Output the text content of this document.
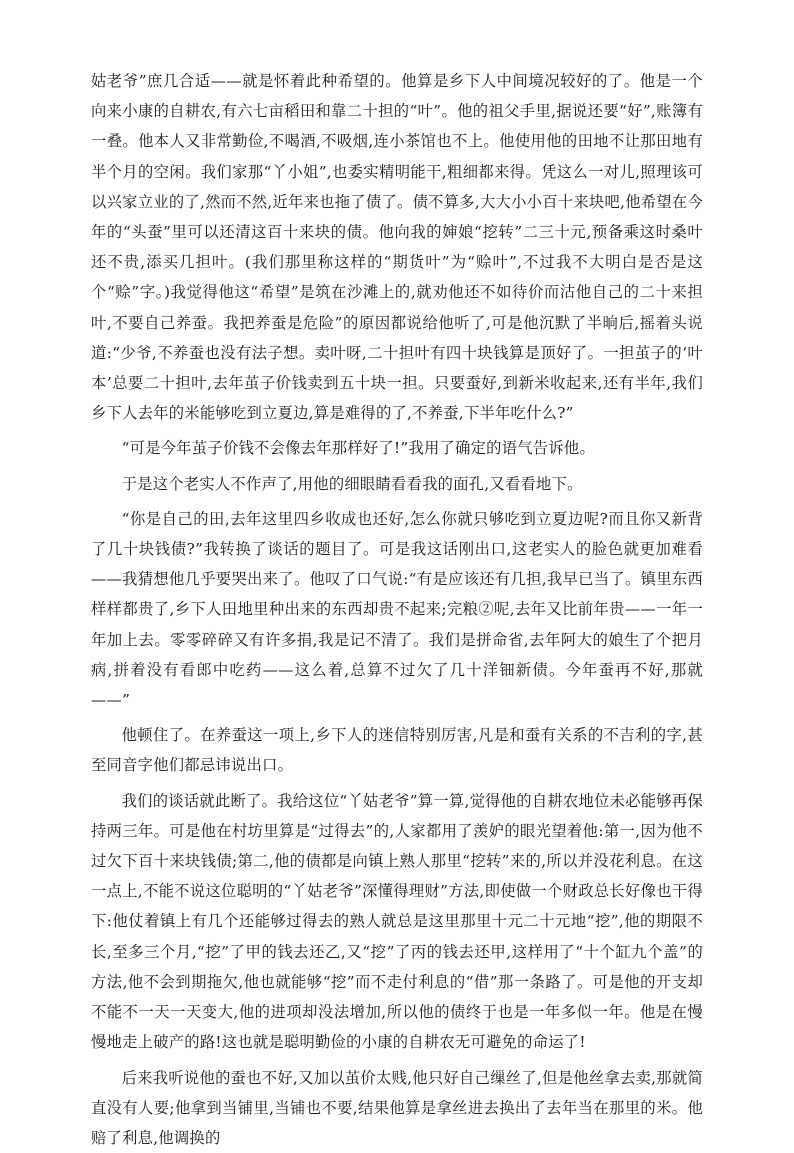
姑老爷”庶几合适——就是怀着此种希望的。他算是乡下人中间境况较好的了。他是一个向来小康的自耕农,有六七亩稻田和靠二十担的“叶”。他的祖父手里,据说还要“好”,账簿有一叠。他本人又非常勤俭,不喝酒,不吸烟,连小茶馆也不上。他使用他的田地不让那田地有半个月的空闲。我们家那“丫小姐”,也委实精明能干,粗细都来得。凭这么一对儿,照理该可以兴家立业的了,然而不然,近年来也拖了债了。债不算多,大大小小百十来块吧,他希望在今年的“头蚕”里可以还清这百十来块的债。他向我的婶娘“挖转”二三十元,预备乘这时桑叶还不贵,添买几担叶。(我们那里称这样的“期货叶”为“赊叶”,不过我不大明白是否是这个“赊”字。)我觉得他这“希望”是筑在沙滩上的,就劝他还不如待价而沽他自己的二十来担叶,不要自己养蚕。我把养蚕是危险”的原因都说给他听了,可是他沉默了半晌后,摇着头说道:“少爷,不养蚕也没有法子想。卖叶呀,二十担叶有四十块钱算是顶好了。一担茧子的‘叶本’总要二十担叶,去年茧子价钱卖到五十块一担。只要蚕好,到新米收起来,还有半年,我们乡下人去年的米能够吃到立夏边,算是难得的了,不养蚕,下半年吃什么?”

“可是今年茧子价钱不会像去年那样好了!”我用了确定的语气告诉他。

于是这个老实人不作声了,用他的细眼睛看看我的面孔,又看看地下。

“你是自己的田,去年这里四乡收成也还好,怎么你就只够吃到立夏边呢?而且你又新背了几十块钱债?”我转换了谈话的题目了。可是我这话刚出口,这老实人的脸色就更加难看——我猜想他几乎要哭出来了。他叹了口气说:“有是应该还有几担,我早已当了。镇里东西样样都贵了,乡下人田地里种出来的东西却贵不起来;完粮②呢,去年又比前年贵——一年一年加上去。零零碎碎又有许多捐,我是记不清了。我们是拼命省,去年阿大的娘生了个把月病,拼着没有看郎中吃药——这么着,总算不过欠了几十洋钿新债。今年蚕再不好,那就——”

他顿住了。在养蚕这一项上,乡下人的迷信特别厉害,凡是和蚕有关系的不吉利的字,甚至同音字他们都忌讳说出口。

我们的谈话就此断了。我给这位“丫姑老爷”算一算,觉得他的自耕农地位未必能够再保持两三年。可是他在村坊里算是“过得去”的,人家都用了羡妒的眼光望着他:第一,因为他不过欠下百十来块钱债;第二,他的债都是向镇上熟人那里“挖转”来的,所以并没花利息。在这一点上,不能不说这位聪明的“丫姑老爷”深懂得理财”方法,即使做一个财政总长好像也干得下:他仗着镇上有几个还能够过得去的熟人就总是这里那里十元二十元地“挖”,他的期限不长,至多三个月,“挖”了甲的钱去还乙,又“挖”了丙的钱去还甲,这样用了“十个缸九个盖”的方法,他不会到期拖欠,他也就能够“挖”而不走付利息的“借”那一条路了。可是他的开支却不能不一天一天变大,他的进项却没法增加,所以他的债终于也是一年多似一年。他是在慢慢地走上破产的路!这也就是聪明勤俭的小康的自耕农无可避免的命运了!

后来我听说他的蚕也不好,又加以茧价太贱,他只好自己缫丝了,但是他丝拿去卖,那就简直没有人要;他拿到当铺里,当铺也不要,结果他算是拿丝进去换出了去年当在那里的米。他赔了利息,他调换的
